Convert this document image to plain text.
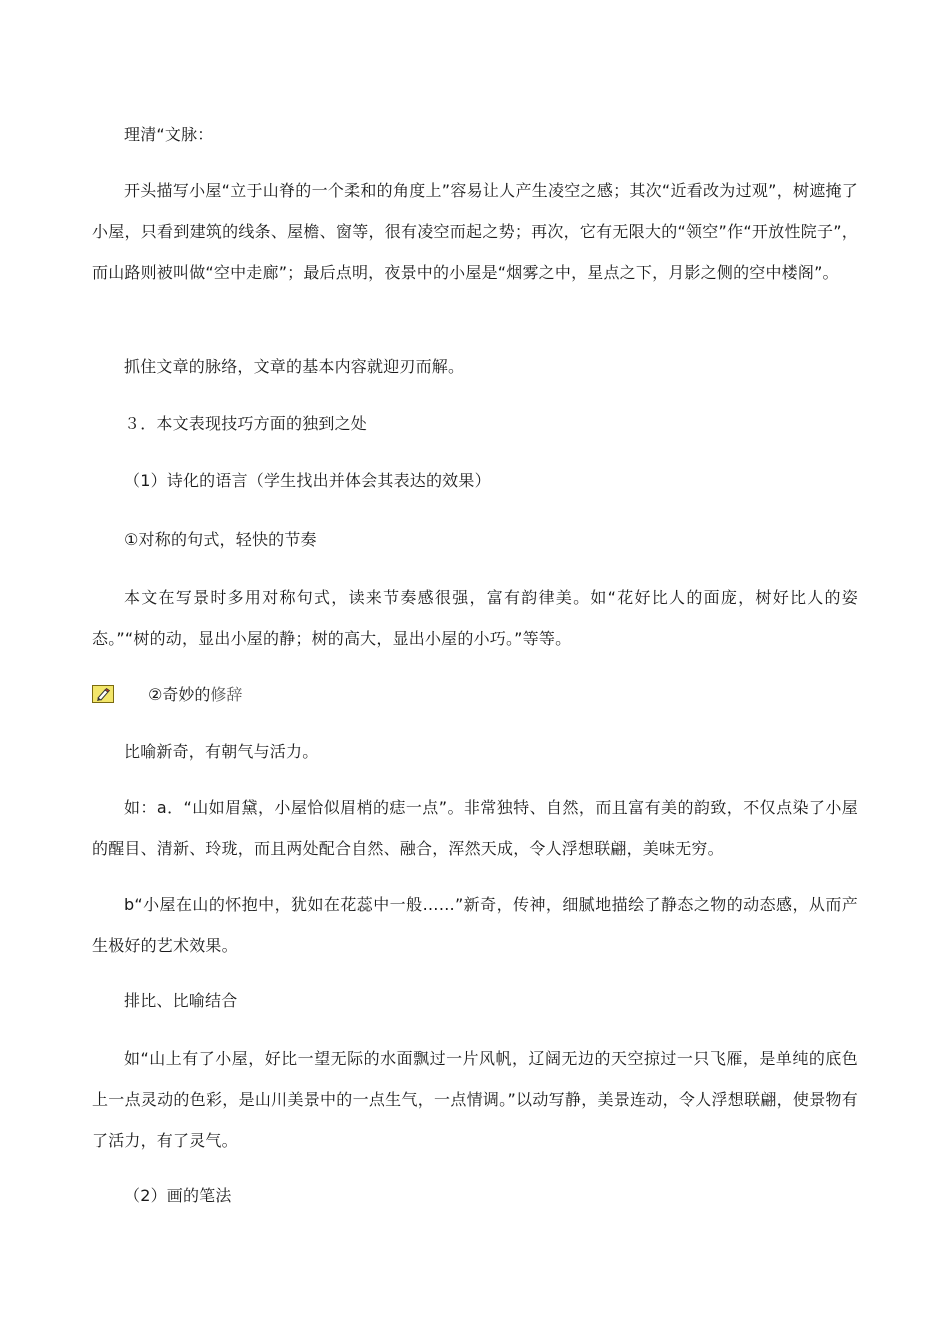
理清“文脉：

开头描写小屋“立于山脊的一个柔和的角度上”容易让人产生凌空之感；其次“近看改为过观”，树遮掩了小屋，只看到建筑的线条、屋檐、窗等，很有凌空而起之势；再次，它有无限大的“领空”作“开放性院子”，而山路则被叫做“空中走廊”；最后点明，夜景中的小屋是“烟雾之中，星点之下，月影之侧的空中楼阁”。

抓住文章的脉络，文章的基本内容就迎刃而解。

３．本文表现技巧方面的独到之处

（1）诗化的语言（学生找出并体会其表达的效果）

①对称的句式，轻快的节奏

本文在写景时多用对称句式，读来节奏感很强，富有韵律美。如“花好比人的面庞，树好比人的姿态。”“树的动，显出小屋的静；树的高大，显出小屋的小巧。”等等。

②奇妙的修辞

比喻新奇，有朝气与活力。

如：a．“山如眉黛，小屋恰似眉梢的痣一点”。非常独特、自然，而且富有美的韵致，不仅点染了小屋的醒目、清新、玲珑，而且两处配合自然、融合，浑然天成，令人浮想联翩，美味无穷。

b“小屋在山的怀抱中，犹如在花蕊中一般……”新奇，传神，细腻地描绘了静态之物的动态感，从而产生极好的艺术效果。

排比、比喻结合

如“山上有了小屋，好比一望无际的水面飘过一片风帆，辽阔无边的天空掠过一只飞雁，是单纯的底色上一点灵动的色彩，是山川美景中的一点生气，一点情调。”以动写静，美景连动，令人浮想联翩，使景物有了活力，有了灵气。

（2）画的笔法
